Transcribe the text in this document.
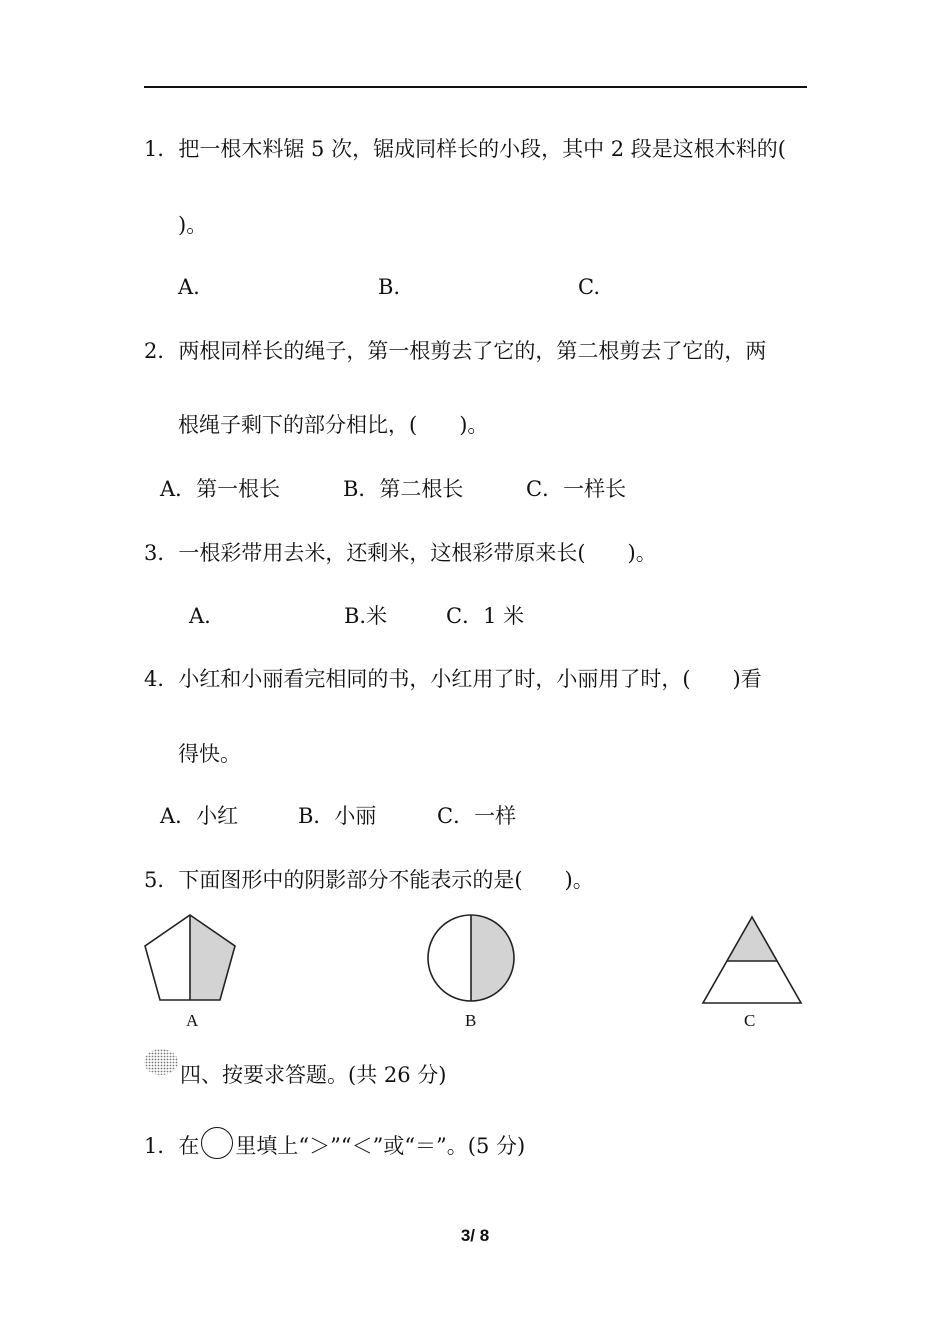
1．把一根木料锯 5 次，锯成同样长的小段，其中 2 段是这根木料的(
)。
A.	B.	C.
2．两根同样长的绳子，第一根剪去了它的，第二根剪去了它的，两
根绳子剩下的部分相比，(　　)。
A．第一根长	B．第二根长	C．一样长
3．一根彩带用去米，还剩米，这根彩带原来长(　　)。
A.	B.米	C．1 米
4．小红和小丽看完相同的书，小红用了时，小丽用了时，(　　)看
得快。
A．小红	B．小丽	C．一样
5．下面图形中的阴影部分不能表示的是(　　)。
A	B	C
四、按要求答题。(共 26 分)
1．在 里填上“＞”“＜”或“＝”。(5 分)
3/ 8
